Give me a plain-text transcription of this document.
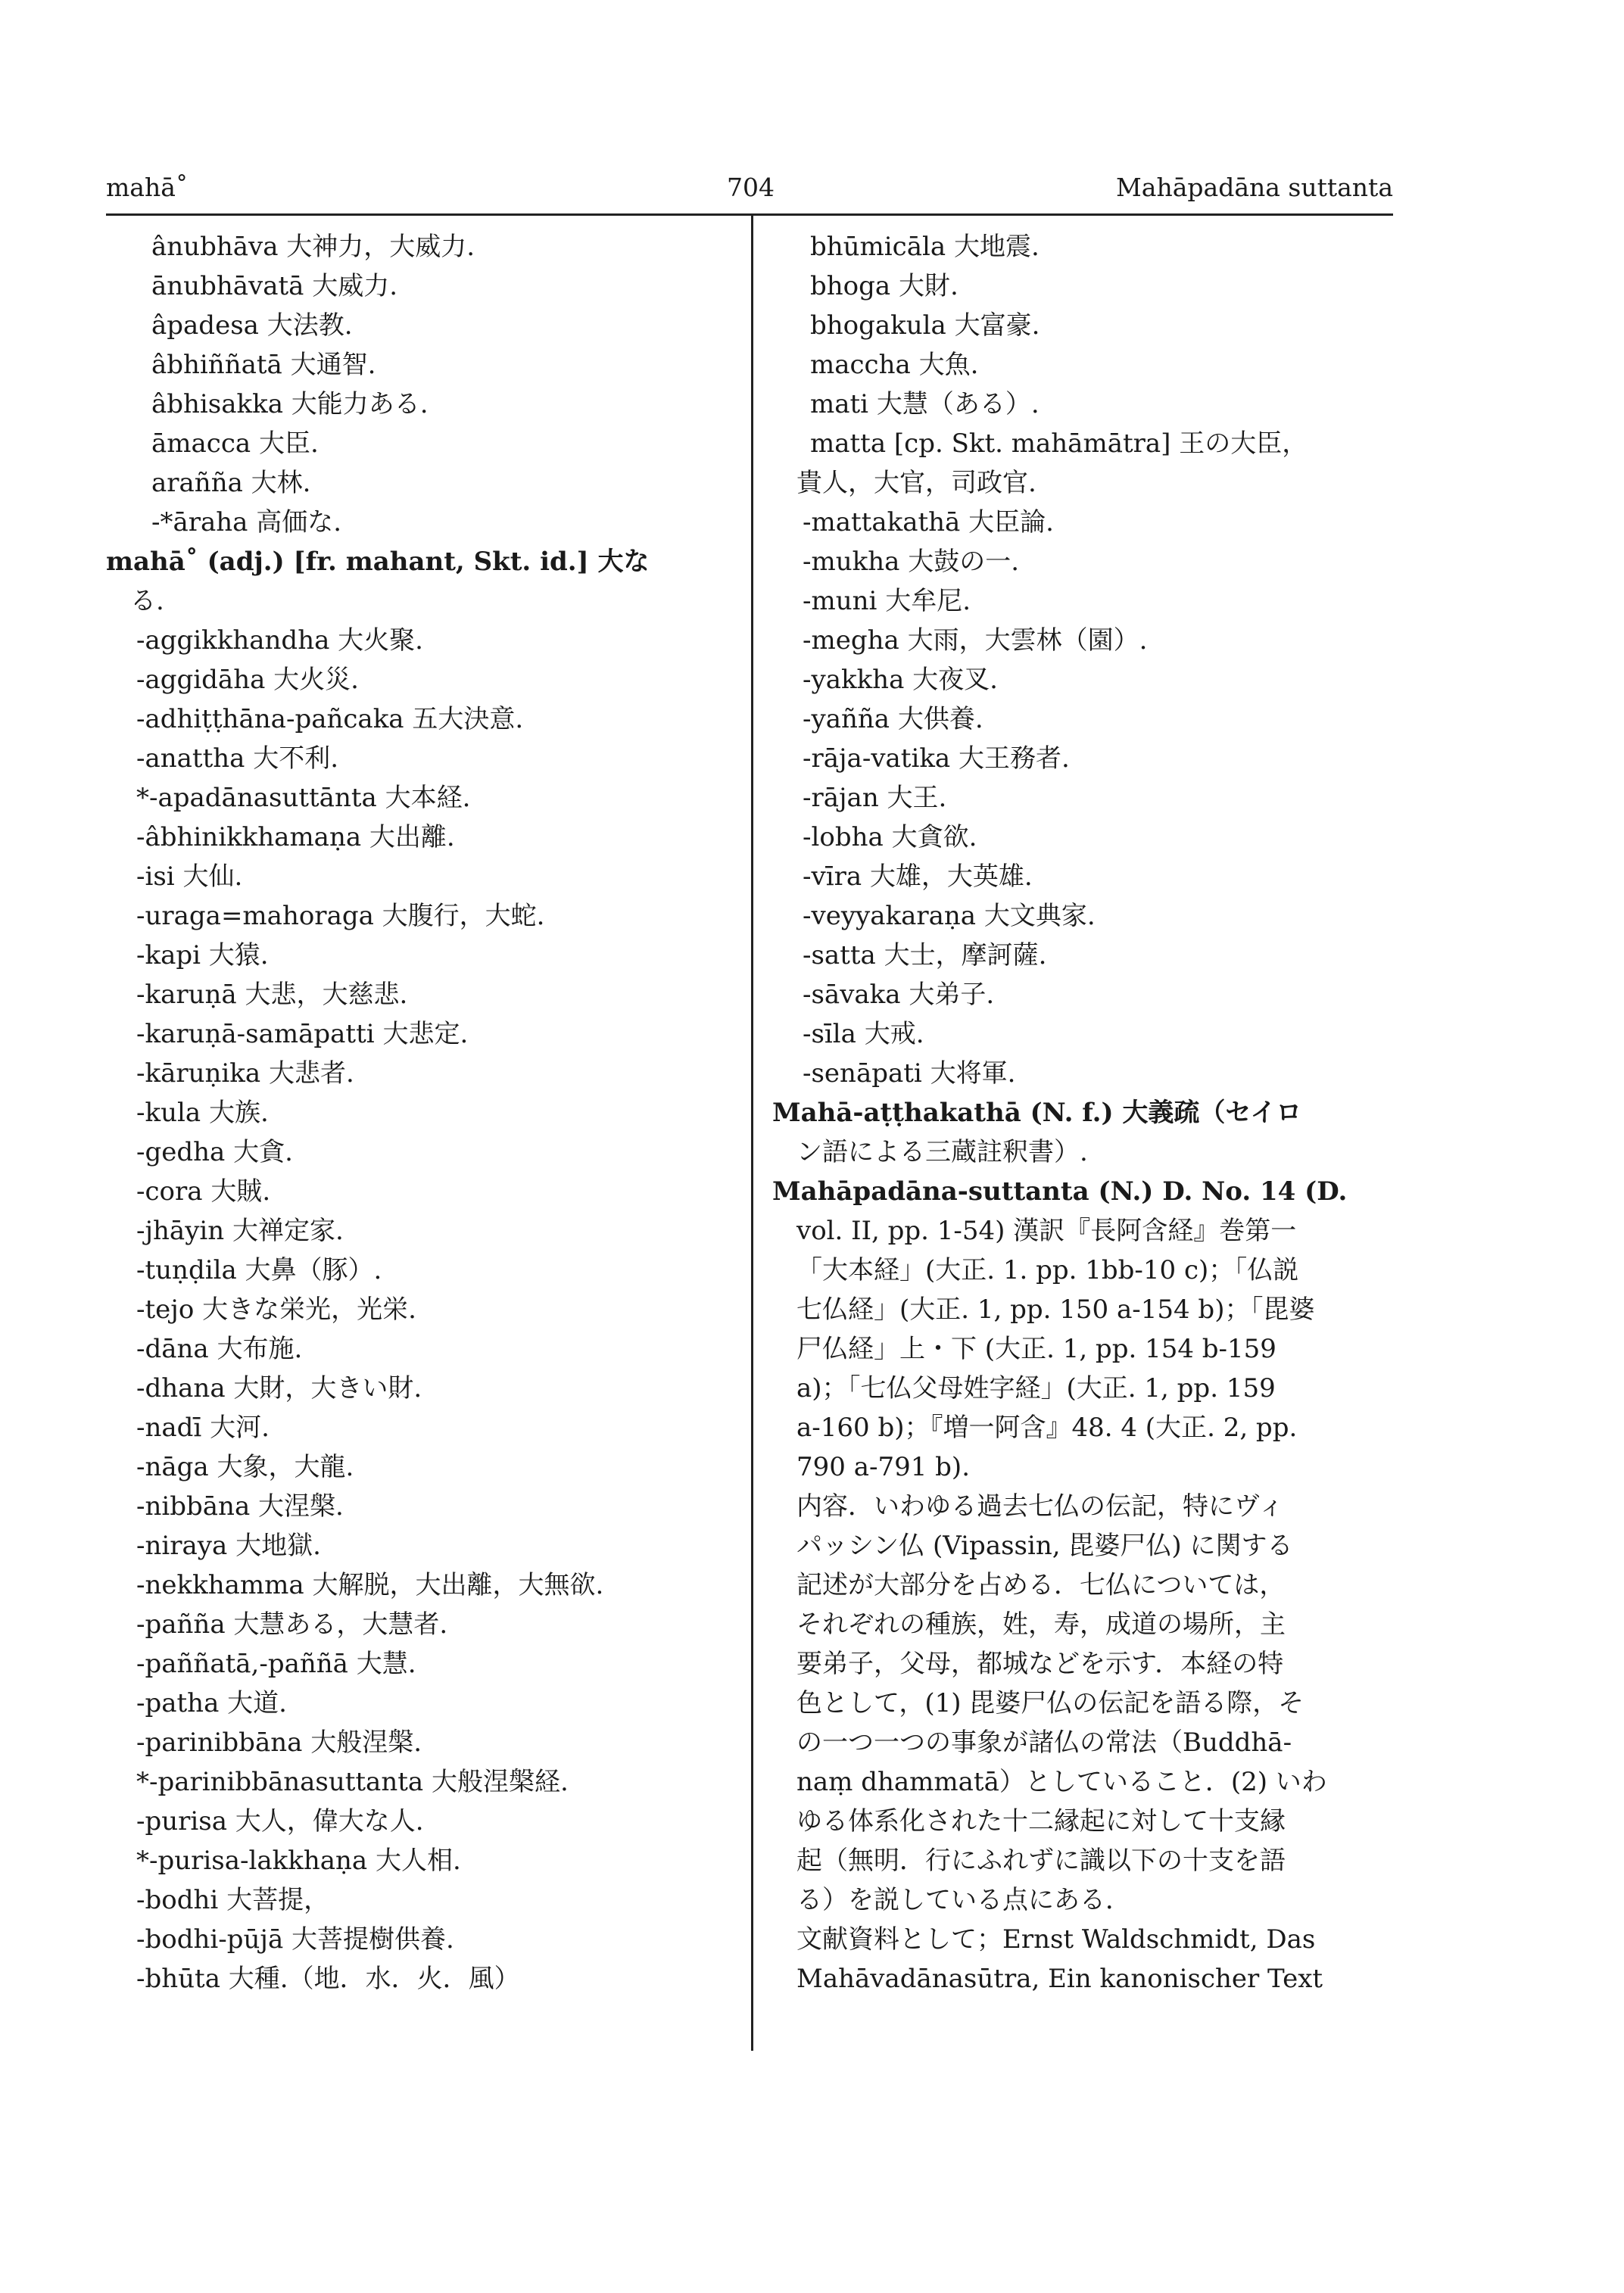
mahā˚	704	Mahāpadāna suttanta
ânubhāva 大神力，大威力.
ānubhāvatā 大威力.
âpadesa 大法教.
âbhiññatā 大通智.
âbhisakka 大能力ある.
āmacca 大臣.
arañña 大林.
-*āraha 高価な.
mahā˚ (adj.) [fr. mahant, Skt. id.] 大な
る.
-aggikkhandha 大火聚.
-aggidāha 大火災.
-adhiṭṭhāna-pañcaka 五大決意.
-anattha 大不利.
*-apadānasuttānta 大本経.
-âbhinikkhamaṇa 大出離.
-isi 大仙.
-uraga=mahoraga 大腹行，大蛇.
-kapi 大猿.
-karuṇā 大悲，大慈悲.
-karuṇā-samāpatti 大悲定.
-kāruṇika 大悲者.
-kula 大族.
-gedha 大貪.
-cora 大賊.
-jhāyin 大禅定家.
-tuṇḍila 大鼻（豚）.
-tejo 大きな栄光，光栄.
-dāna 大布施.
-dhana 大財，大きい財.
-nadī 大河.
-nāga 大象，大龍.
-nibbāna 大涅槃.
-niraya 大地獄.
-nekkhamma 大解脱，大出離，大無欲.
-pañña 大慧ある，大慧者.
-paññatā,-paññā 大慧.
-patha 大道.
-parinibbāna 大般涅槃.
*-parinibbānasuttanta 大般涅槃経.
-purisa 大人，偉大な人.
*-purisa-lakkhaṇa 大人相.
-bodhi 大菩提，
-bodhi-pūjā 大菩提樹供養.
-bhūta 大種.（地．水．火．風）
bhūmicāla 大地震.
bhoga 大財.
bhogakula 大富豪.
maccha 大魚.
mati 大慧（ある）.
matta [cp. Skt. mahāmātra] 王の大臣，
貴人，大官，司政官.
-mattakathā 大臣論.
-mukha 大鼓の一.
-muni 大牟尼.
-megha 大雨，大雲林（園）.
-yakkha 大夜叉.
-yañña 大供養.
-rāja-vatika 大王務者.
-rājan 大王.
-lobha 大貪欲.
-vīra 大雄，大英雄.
-veyyakaraṇa 大文典家.
-satta 大士，摩訶薩.
-sāvaka 大弟子.
-sīla 大戒.
-senāpati 大将軍.
Mahā-aṭṭhakathā (N. f.) 大義疏（セイロ
ン語による三蔵註釈書）.
Mahāpadāna-suttanta (N.) D. No. 14 (D.
vol. II, pp. 1-54) 漢訳『長阿含経』巻第一
「大本経」(大正. 1. pp. 1bb-10 c)；「仏説
七仏経」(大正. 1, pp. 150 a-154 b)；「毘婆
尸仏経」上・下 (大正. 1, pp. 154 b-159
a)；「七仏父母姓字経」(大正. 1, pp. 159
a-160 b)；『増一阿含』48. 4 (大正. 2, pp.
790 a-791 b).
内容．いわゆる過去七仏の伝記，特にヴィ
パッシン仏 (Vipassin, 毘婆尸仏) に関する
記述が大部分を占める．七仏については，
それぞれの種族，姓，寿，成道の場所，主
要弟子，父母，都城などを示す．本経の特
色として，(1) 毘婆尸仏の伝記を語る際，そ
の一つ一つの事象が諸仏の常法（Buddhā-
naṃ dhammatā）としていること．(2) いわ
ゆる体系化された十二縁起に対して十支縁
起（無明．行にふれずに識以下の十支を語
る）を説している点にある．
文献資料として；Ernst Waldschmidt, Das
Mahāvadānasūtra, Ein kanonischer Text
